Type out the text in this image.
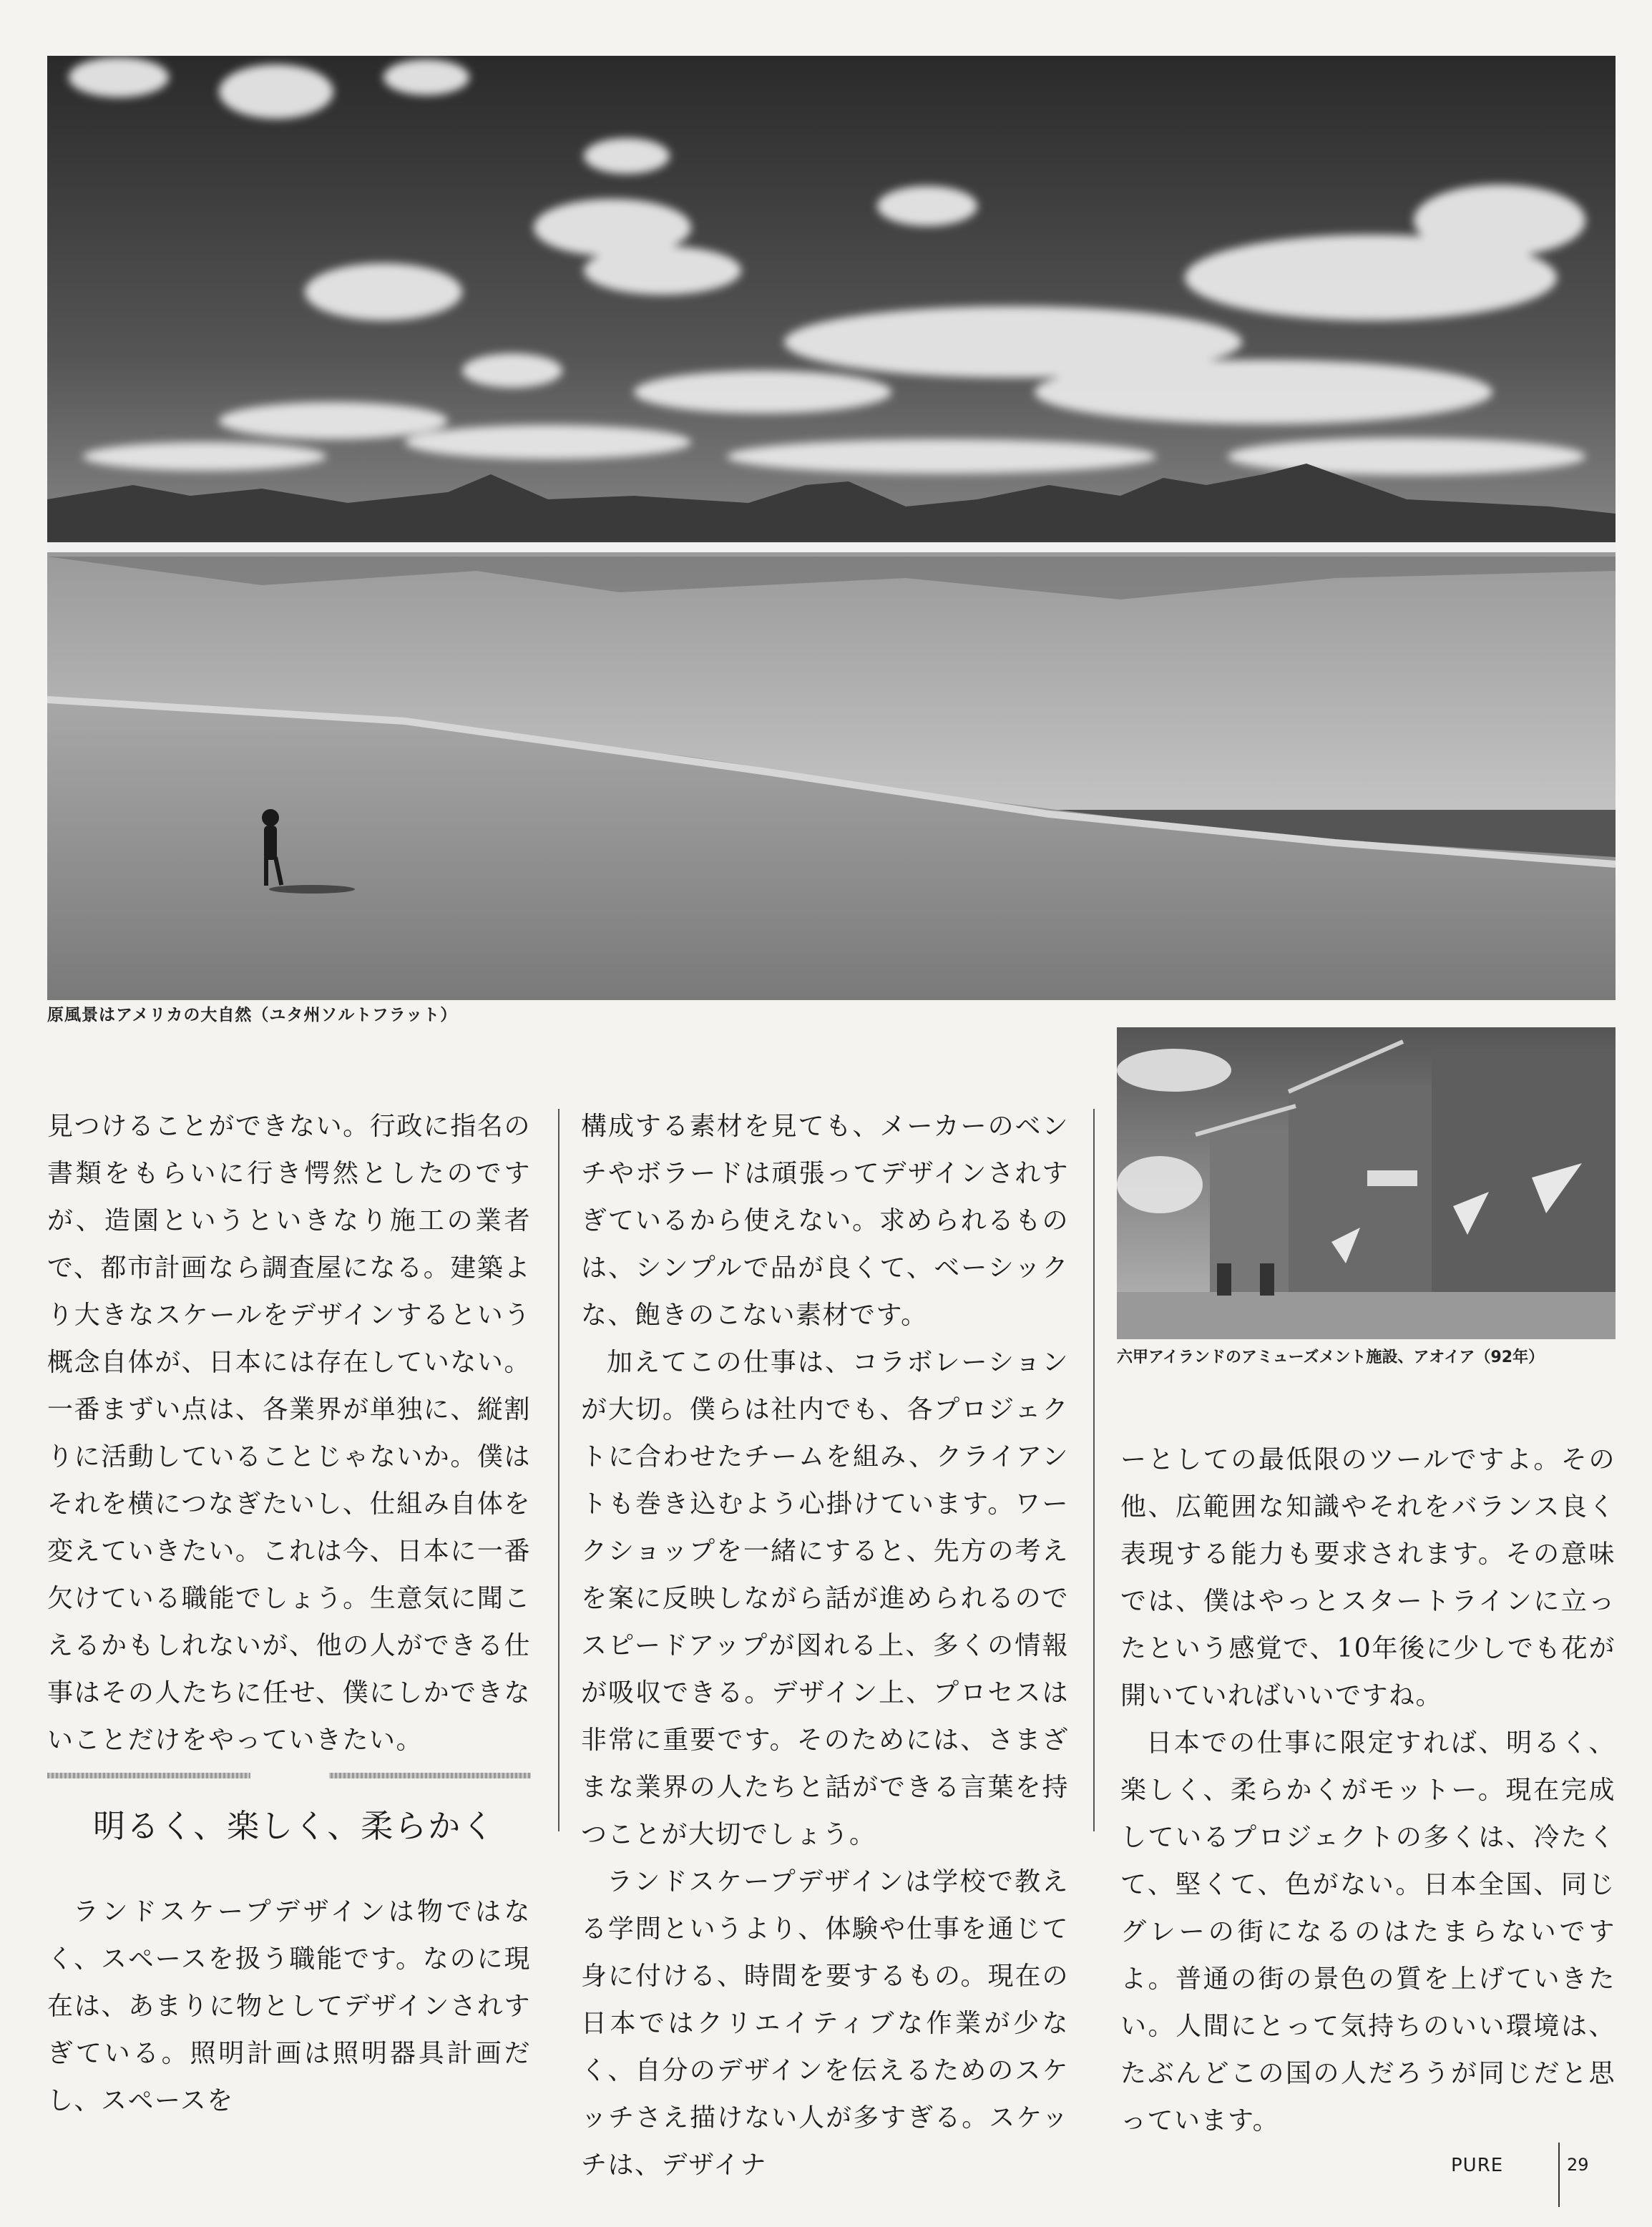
原風景はアメリカの大自然（ユタ州ソルトフラット）
六甲アイランドのアミューズメント施設、アオイア（92年）

見つけることができない。行政に指名の書類をもらいに行き愕然としたのですが、造園というといきなり施工の業者で、都市計画なら調査屋になる。建築より大きなスケールをデザインするという概念自体が、日本には存在していない。一番まずい点は、各業界が単独に、縦割りに活動していることじゃないか。僕はそれを横につなぎたいし、仕組み自体を変えていきたい。これは今、日本に一番欠けている職能でしょう。生意気に聞こえるかもしれないが、他の人ができる仕事はその人たちに任せ、僕にしかできないことだけをやっていきたい。

明るく、楽しく、柔らかく

ランドスケープデザインは物ではなく、スペースを扱う職能です。なのに現在は、あまりに物としてデザインされすぎている。照明計画は照明器具計画だし、スペースを

構成する素材を見ても、メーカーのベンチやボラードは頑張ってデザインされすぎているから使えない。求められるものは、シンプルで品が良くて、ベーシックな、飽きのこない素材です。

加えてこの仕事は、コラボレーションが大切。僕らは社内でも、各プロジェクトに合わせたチームを組み、クライアントも巻き込むよう心掛けています。ワークショップを一緒にすると、先方の考えを案に反映しながら話が進められるのでスピードアップが図れる上、多くの情報が吸収できる。デザイン上、プロセスは非常に重要です。そのためには、さまざまな業界の人たちと話ができる言葉を持つことが大切でしょう。

ランドスケープデザインは学校で教える学問というより、体験や仕事を通じて身に付ける、時間を要するもの。現在の日本ではクリエイティブな作業が少なく、自分のデザインを伝えるためのスケッチさえ描けない人が多すぎる。スケッチは、デザイナ

ーとしての最低限のツールですよ。その他、広範囲な知識やそれをバランス良く表現する能力も要求されます。その意味では、僕はやっとスタートラインに立ったという感覚で、10年後に少しでも花が開いていればいいですね。

日本での仕事に限定すれば、明るく、楽しく、柔らかくがモットー。現在完成しているプロジェクトの多くは、冷たくて、堅くて、色がない。日本全国、同じグレーの街になるのはたまらないですよ。普通の街の景色の質を上げていきたい。人間にとって気持ちのいい環境は、たぶんどこの国の人だろうが同じだと思っています。

PURE	29
